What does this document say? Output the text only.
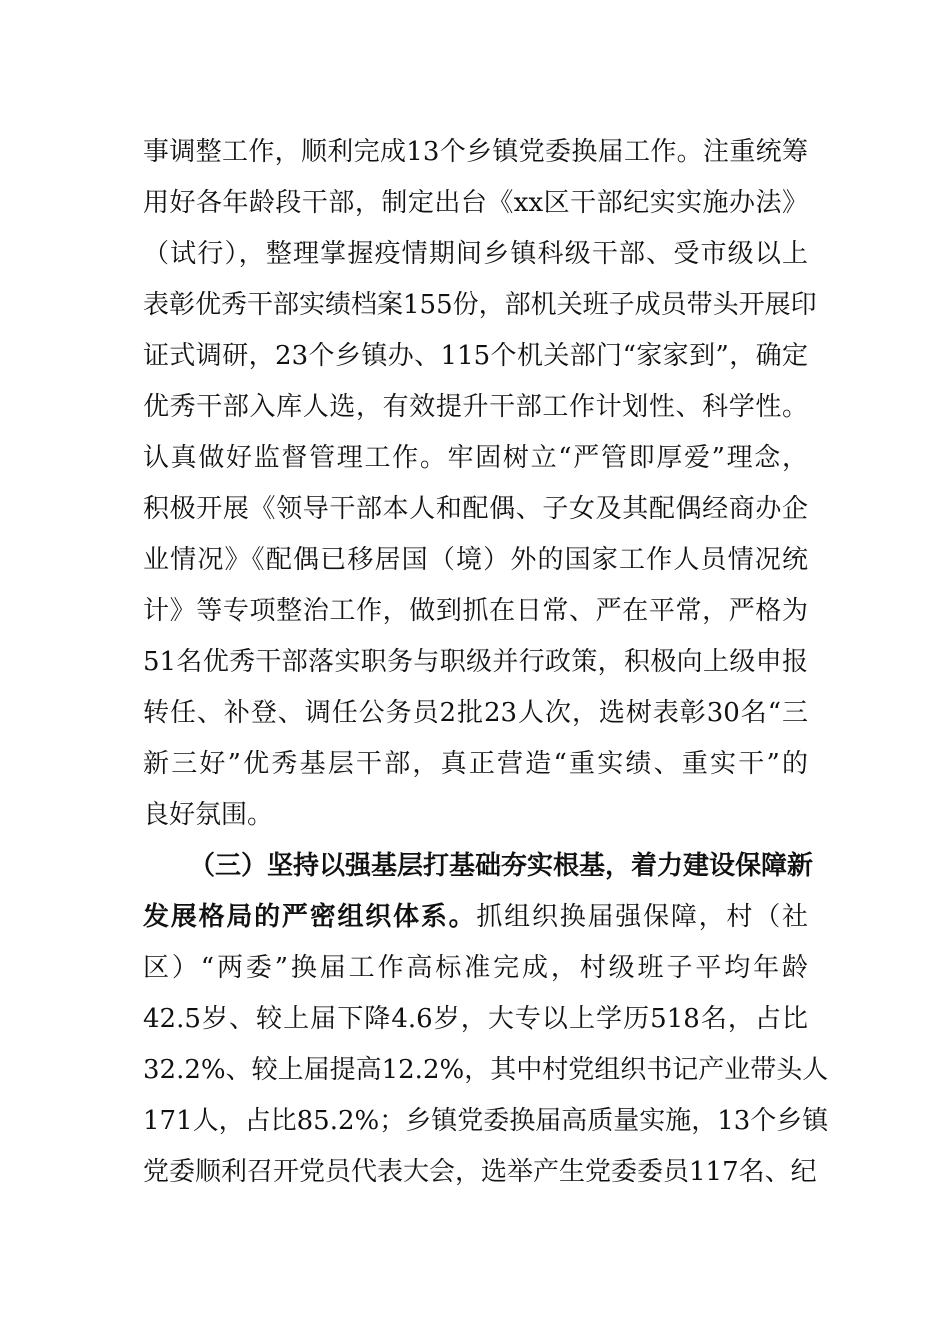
事调整工作，顺利完成13个乡镇党委换届工作。注重统筹
用好各年龄段干部，制定出台《xx区干部纪实实施办法》
（试行），整理掌握疫情期间乡镇科级干部、受市级以上
表彰优秀干部实绩档案155份，部机关班子成员带头开展印
证式调研，23个乡镇办、115个机关部门“家家到”，确定
优秀干部入库人选，有效提升干部工作计划性、科学性。
认真做好监督管理工作。牢固树立“严管即厚爱”理念，
积极开展《领导干部本人和配偶、子女及其配偶经商办企
业情况》《配偶已移居国（境）外的国家工作人员情况统
计》等专项整治工作，做到抓在日常、严在平常，严格为
51名优秀干部落实职务与职级并行政策，积极向上级申报
转任、补登、调任公务员2批23人次，选树表彰30名“三
新三好”优秀基层干部，真正营造“重实绩、重实干”的
良好氛围。
（三）坚持以强基层打基础夯实根基，着力建设保障新
发展格局的严密组织体系。抓组织换届强保障，村（社
区）“两委”换届工作高标准完成，村级班子平均年龄
42.5岁、较上届下降4.6岁，大专以上学历518名，占比
32.2%、较上届提高12.2%，其中村党组织书记产业带头人
171人，占比85.2%；乡镇党委换届高质量实施，13个乡镇
党委顺利召开党员代表大会，选举产生党委委员117名、纪
